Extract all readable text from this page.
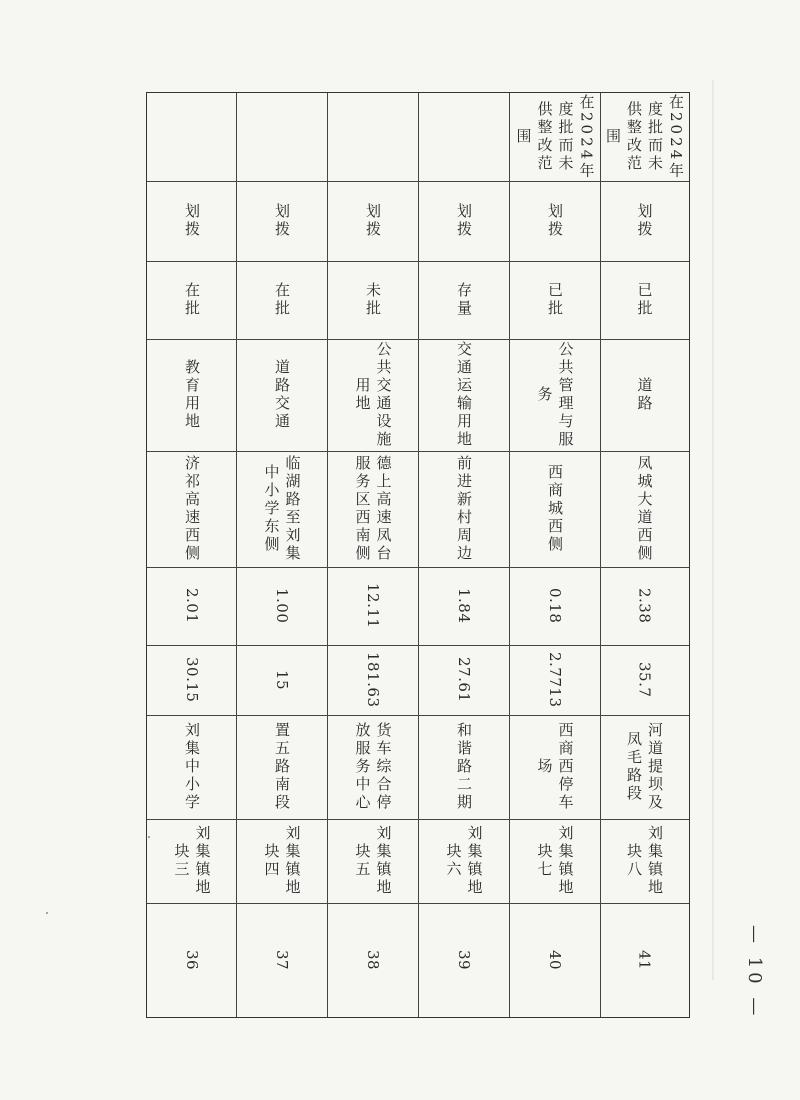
划拨
在批
教育用地
济祁高速西侧
2.01
30.15
刘集中小学
刘集镇地块三
36
划拨
在批
道路交通
临湖路至刘集中小学东侧
1.00
15
置五路南段
刘集镇地块四
37
划拨
未批
公共交通设施用地
德上高速凤台服务区西南侧
12.11
181.63
货车综合停放服务中心
刘集镇地块五
38
划拨
存量
交通运输用地
前进新村周边
1.84
27.61
和谐路二期
刘集镇地块六
39
在2024年度批而未供整改范围
划拨
已批
公共管理与服务
西商城西侧
0.18
2.7713
西商西停车场
刘集镇地块七
40
在2024年度批而未供整改范围
划拨
已批
道路
凤城大道西侧
2.38
35.7
河道提坝及凤毛路段
刘集镇地块八
41	— 10 —
